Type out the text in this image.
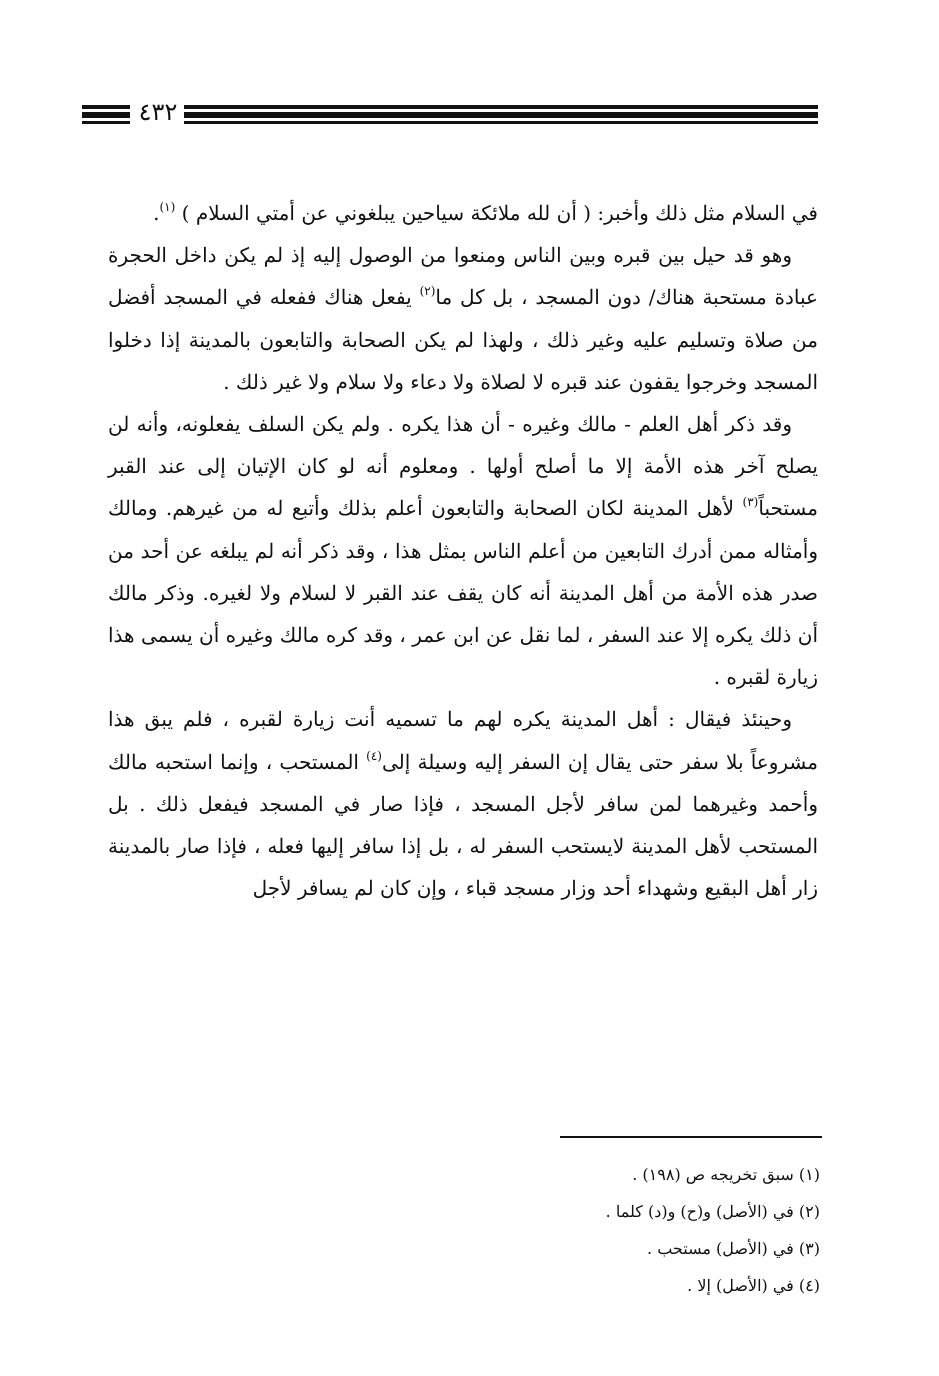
٤٣٢

في السلام مثل ذلك وأخبر: ( أن لله ملائكة سياحين يبلغوني عن أمتي السلام ) $^{(١)}$.

وهو قد حيل بين قبره وبين الناس ومنعوا من الوصول إليه إذ لم يكن داخل الحجرة عبادة مستحبة هناك/ دون المسجد ، بل كل ما$^{(٢)}$ يفعل هناك ففعله في المسجد أفضل من صلاة وتسليم عليه وغير ذلك ، ولهذا لم يكن الصحابة والتابعون بالمدينة إذا دخلوا المسجد وخرجوا يقفون عند قبره لا لصلاة ولا دعاء ولا سلام ولا غير ذلك .

وقد ذكر أهل العلم - مالك وغيره - أن هذا يكره . ولم يكن السلف يفعلونه، وأنه لن يصلح آخر هذه الأمة إلا ما أصلح أولها . ومعلوم أنه لو كان الإتيان إلى عند القبر مستحباً$^{(٣)}$ لأهل المدينة لكان الصحابة والتابعون أعلم بذلك وأتبع له من غيرهم. ومالك وأمثاله ممن أدرك التابعين من أعلم الناس بمثل هذا ، وقد ذكر أنه لم يبلغه عن أحد من صدر هذه الأمة من أهل المدينة أنه كان يقف عند القبر لا لسلام ولا لغيره. وذكر مالك أن ذلك يكره إلا عند السفر ، لما نقل عن ابن عمر ، وقد كره مالك وغيره أن يسمى هذا زيارة لقبره .

وحينئذ فيقال : أهل المدينة يكره لهم ما تسميه أنت زيارة لقبره ، فلم يبق هذا مشروعاً بلا سفر حتى يقال إن السفر إليه وسيلة إلى$^{(٤)}$ المستحب ، وإنما استحبه مالك وأحمد وغيرهما لمن سافر لأجل المسجد ، فإذا صار في المسجد فيفعل ذلك . بل المستحب لأهل المدينة لايستحب السفر له ، بل إذا سافر إليها فعله ، فإذا صار بالمدينة زار أهل البقيع وشهداء أحد وزار مسجد قباء ، وإن كان لم يسافر لأجل

(١) سبق تخريجه ص (١٩٨) .
(٢) في (الأصل) و(ح) و(د) كلما .
(٣) في (الأصل) مستحب .
(٤) في (الأصل) إلا .
